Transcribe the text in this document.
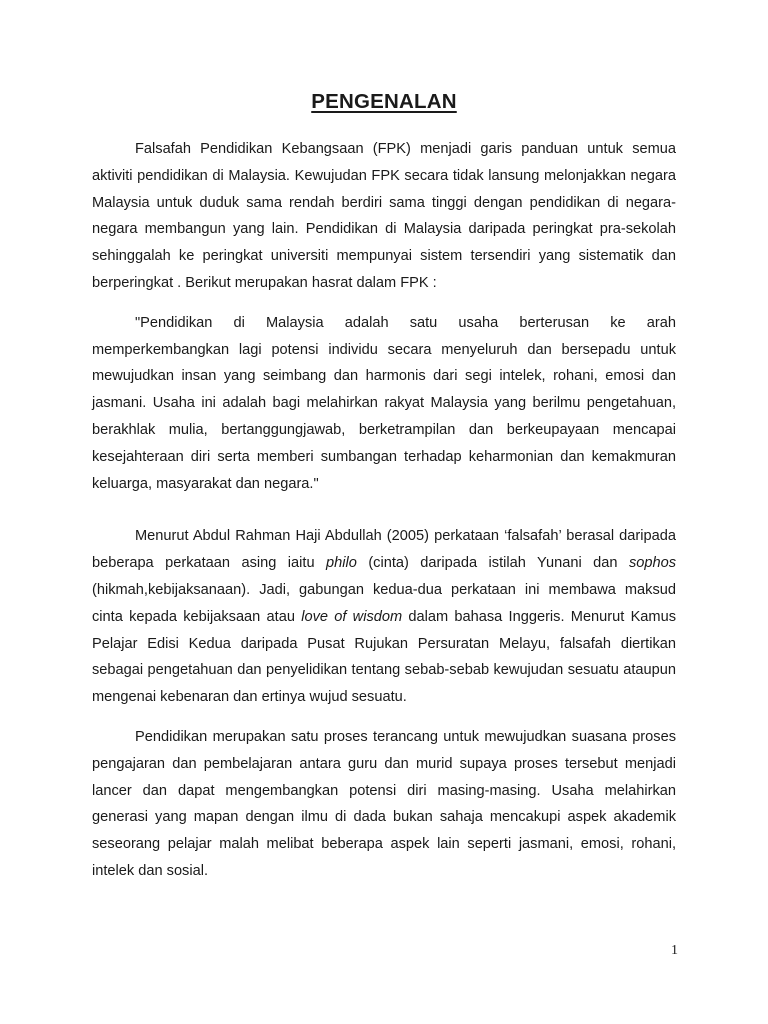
PENGENALAN

Falsafah Pendidikan Kebangsaan (FPK) menjadi garis panduan untuk semua aktiviti pendidikan di Malaysia. Kewujudan FPK secara tidak lansung melonjakkan negara Malaysia untuk duduk sama rendah berdiri sama tinggi dengan pendidikan di negara-negara membangun yang lain. Pendidikan di Malaysia daripada peringkat pra-sekolah sehinggalah ke peringkat universiti mempunyai sistem tersendiri yang sistematik dan berperingkat . Berikut merupakan hasrat dalam FPK :

"Pendidikan di Malaysia adalah satu usaha berterusan ke arah memperkembangkan lagi potensi individu secara menyeluruh dan bersepadu untuk mewujudkan insan yang seimbang dan harmonis dari segi intelek, rohani, emosi dan jasmani. Usaha ini adalah bagi melahirkan rakyat Malaysia yang berilmu pengetahuan, berakhlak mulia, bertanggungjawab, berketrampilan dan berkeupayaan mencapai kesejahteraan diri serta memberi sumbangan terhadap keharmonian dan kemakmuran keluarga, masyarakat dan negara."

Menurut Abdul Rahman Haji Abdullah (2005) perkataan ‘falsafah’ berasal daripada beberapa perkataan asing iaitu philo (cinta) daripada istilah Yunani dan sophos (hikmah,kebijaksanaan). Jadi, gabungan kedua-dua perkataan ini membawa maksud cinta kepada kebijaksaan atau love of wisdom dalam bahasa Inggeris. Menurut Kamus Pelajar Edisi Kedua daripada Pusat Rujukan Persuratan Melayu, falsafah diertikan sebagai pengetahuan dan penyelidikan tentang sebab-sebab kewujudan sesuatu ataupun mengenai kebenaran dan ertinya wujud sesuatu.

Pendidikan merupakan satu proses terancang untuk mewujudkan suasana proses pengajaran dan pembelajaran antara guru dan murid supaya proses tersebut menjadi lancer dan dapat mengembangkan potensi diri masing-masing. Usaha melahirkan generasi yang mapan dengan ilmu di dada bukan sahaja mencakupi aspek akademik seseorang pelajar malah melibat beberapa aspek lain seperti jasmani, emosi, rohani, intelek dan sosial.

1
